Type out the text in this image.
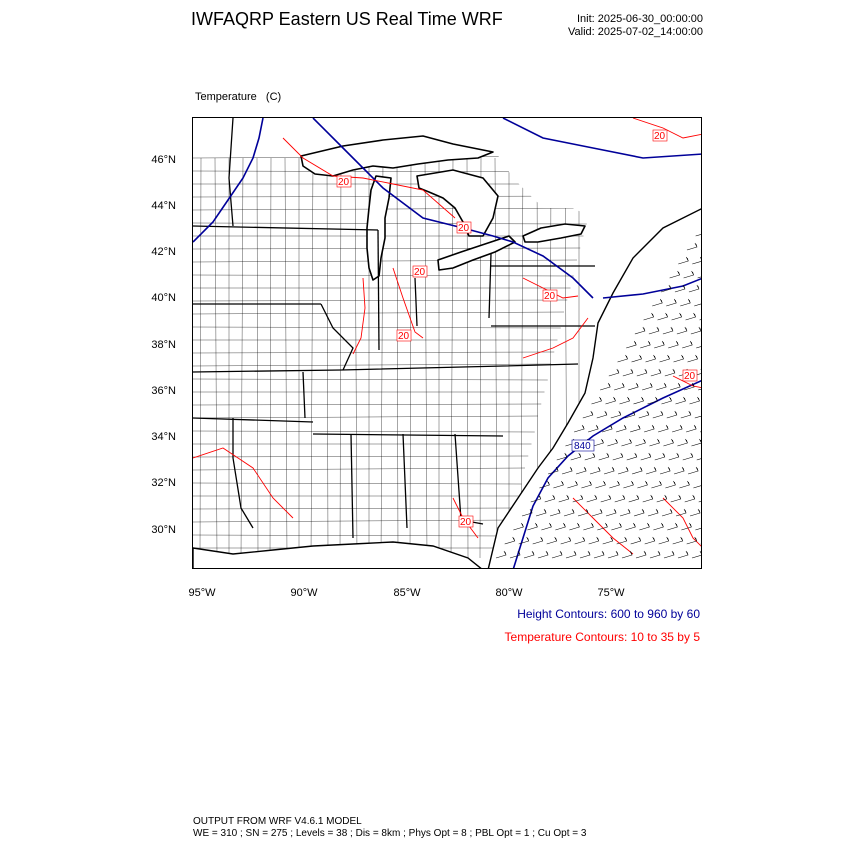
IWFAQRP Eastern US Real Time WRF	Init: 2025-06-30_00:00:00
Valid: 2025-07-02_14:00:00

Temperature   (C)

20
20
20
20
20
20
20
20
840
46°N
44°N
42°N
40°N
38°N
36°N
34°N
32°N
30°N
95°W	90°W	85°W	80°W	75°W
Height Contours: 600 to 960 by 60
Temperature Contours: 10 to 35 by 5
OUTPUT FROM WRF V4.6.1 MODEL
WE = 310 ; SN = 275 ; Levels = 38 ; Dis = 8km ; Phys Opt = 8 ; PBL Opt = 1 ; Cu Opt = 3
